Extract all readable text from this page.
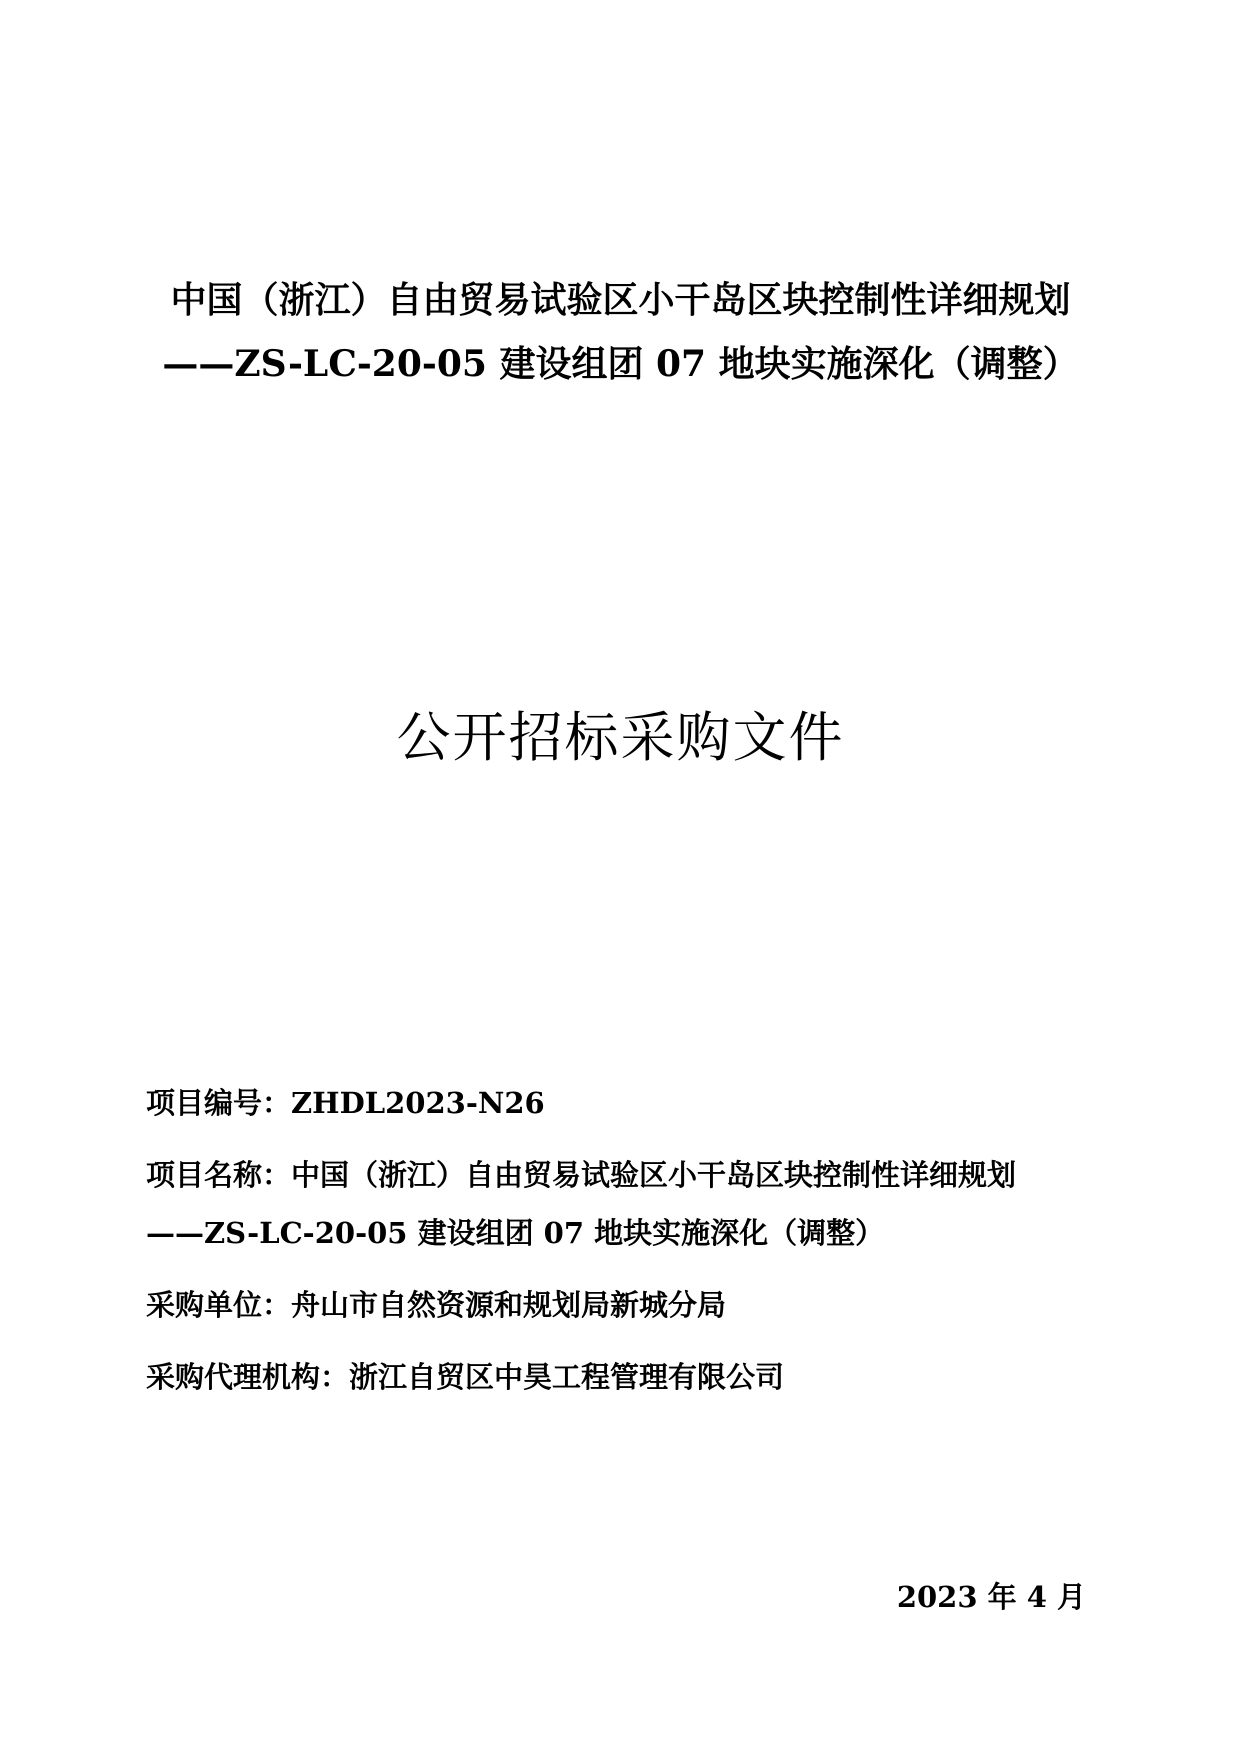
中国（浙江）自由贸易试验区小干岛区块控制性详细规划
——ZS-LC-20-05 建设组团 07 地块实施深化（调整）
公开招标采购文件
项目编号：ZHDL2023-N26
项目名称：中国（浙江）自由贸易试验区小干岛区块控制性详细规划
——ZS-LC-20-05 建设组团 07 地块实施深化（调整）
采购单位：舟山市自然资源和规划局新城分局
采购代理机构：浙江自贸区中昊工程管理有限公司
2023 年 4 月
